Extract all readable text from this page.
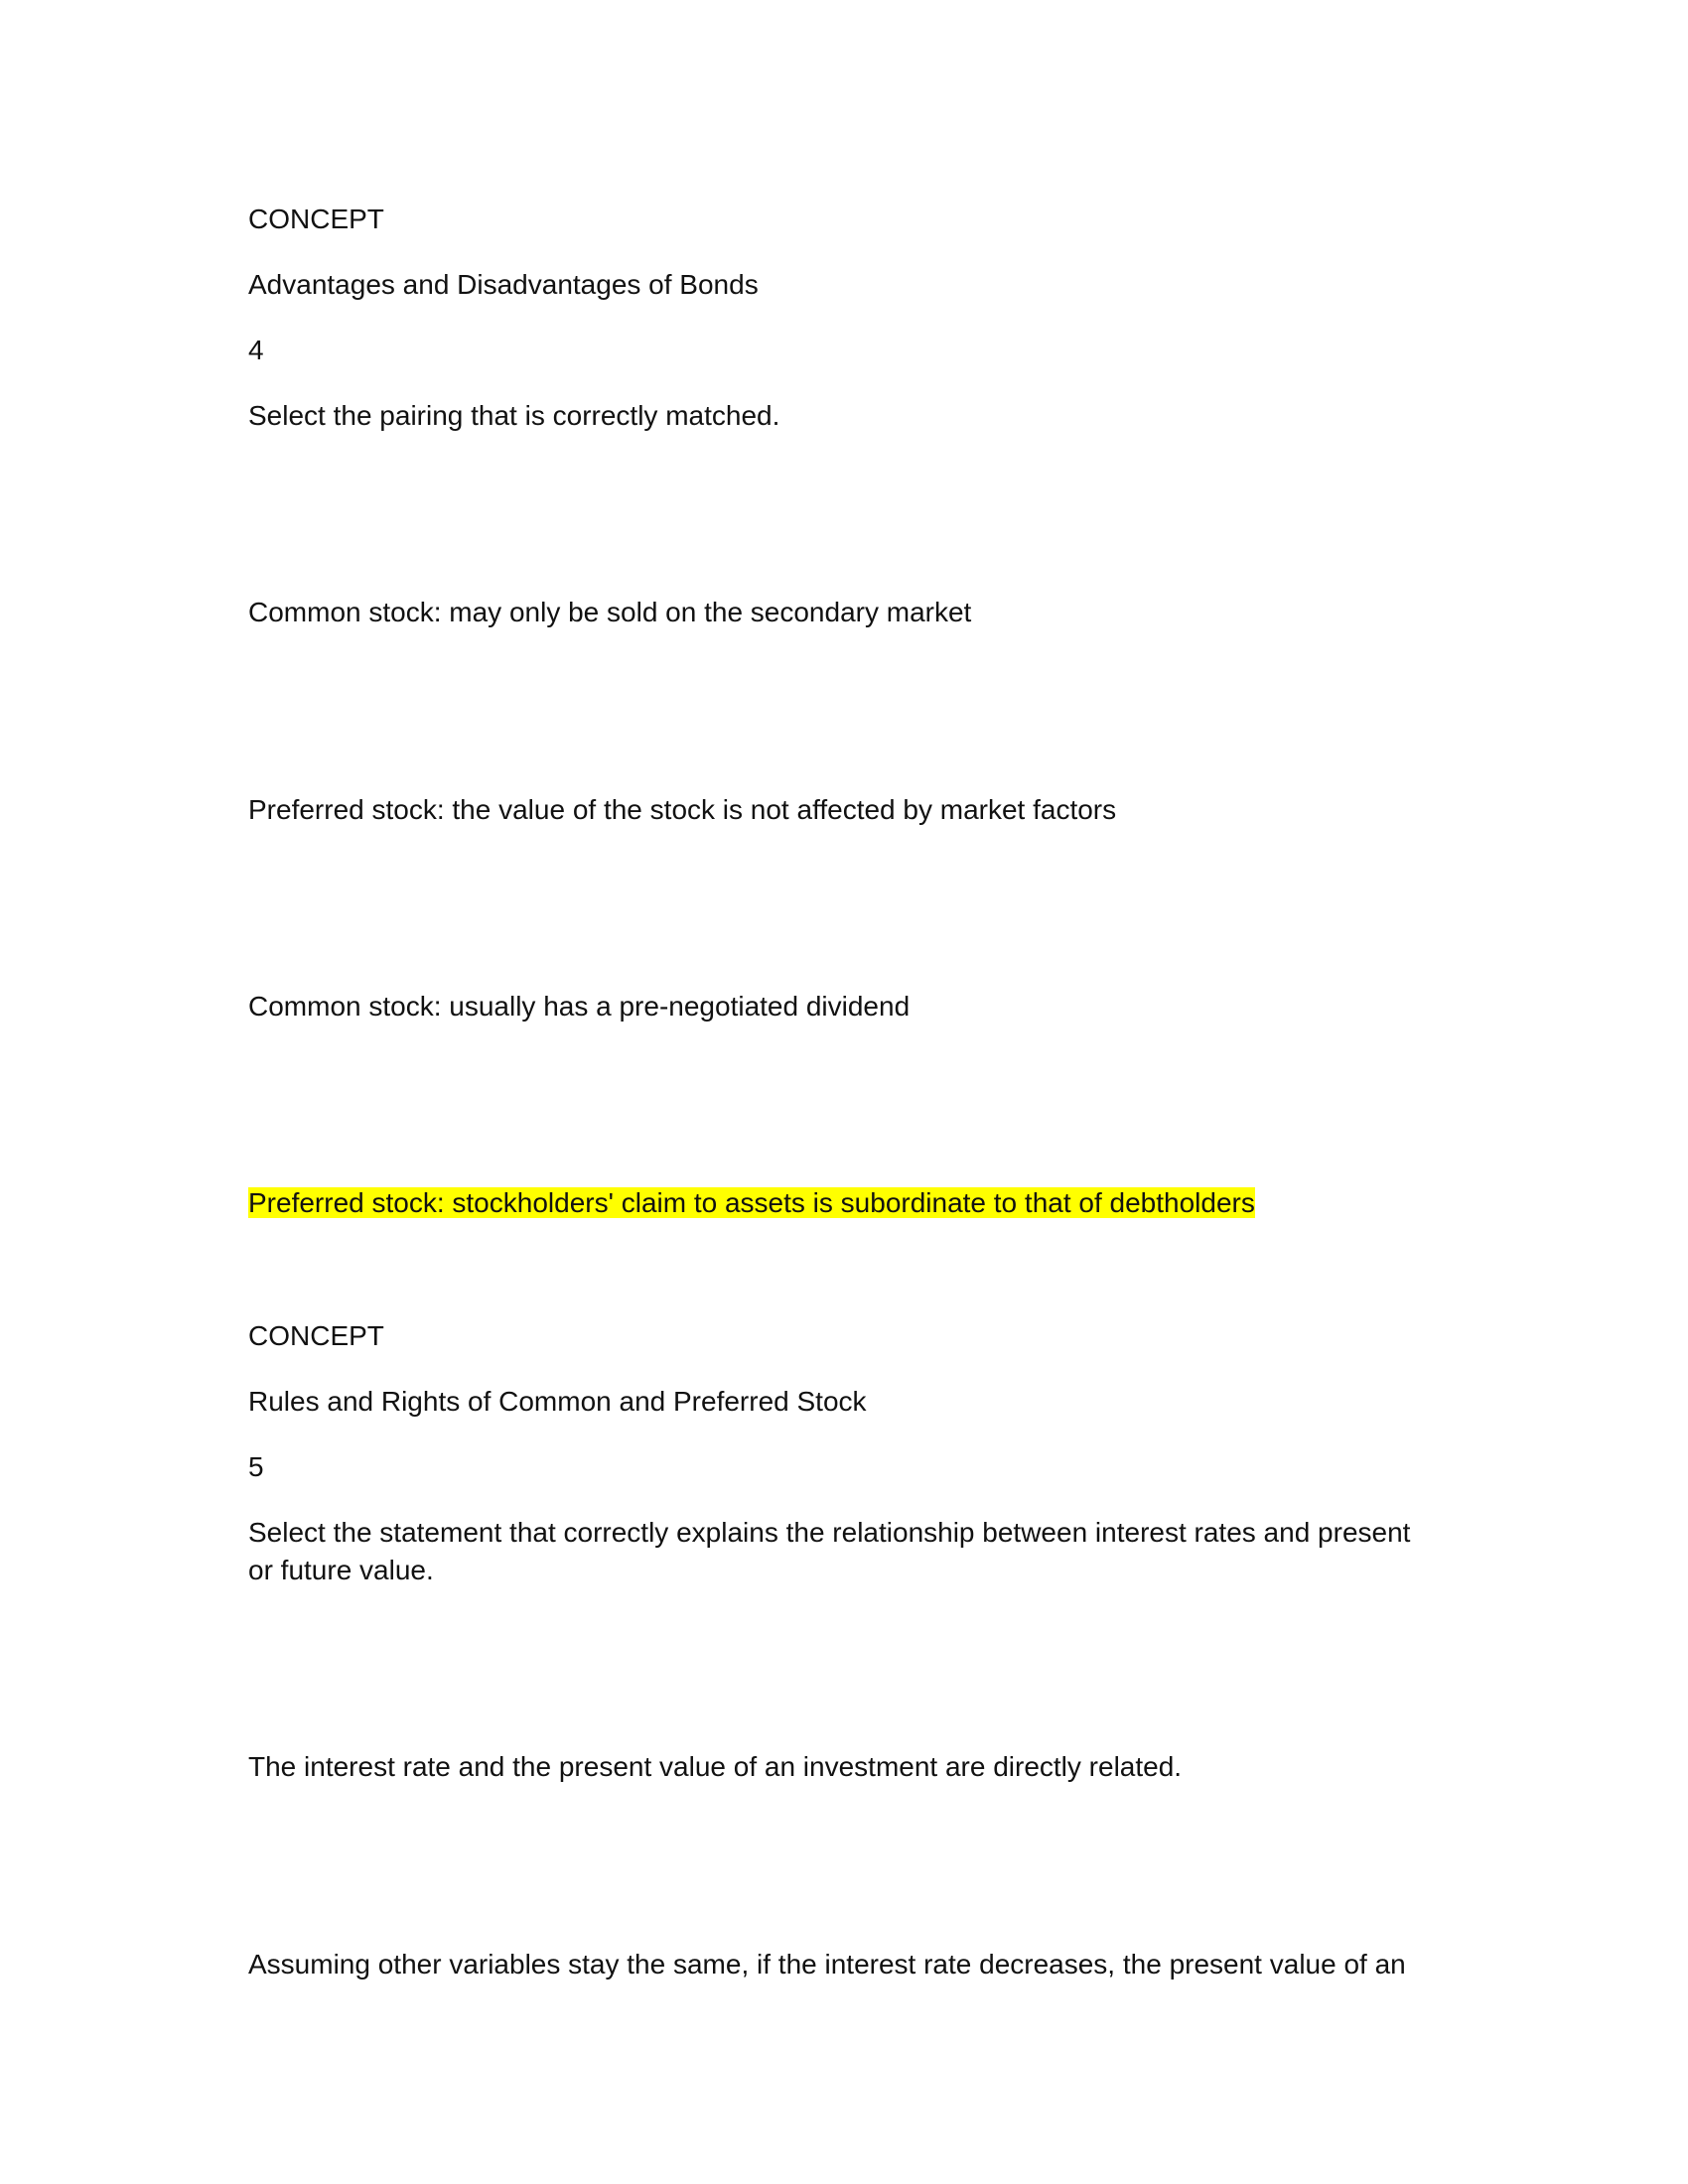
CONCEPT

Advantages and Disadvantages of Bonds

4

Select the pairing that is correctly matched.

Common stock: may only be sold on the secondary market

Preferred stock: the value of the stock is not affected by market factors

Common stock: usually has a pre-negotiated dividend

Preferred stock: stockholders' claim to assets is subordinate to that of debtholders

CONCEPT

Rules and Rights of Common and Preferred Stock

5

Select the statement that correctly explains the relationship between interest rates and present or future value.

The interest rate and the present value of an investment are directly related.

Assuming other variables stay the same, if the interest rate decreases, the present value of an
